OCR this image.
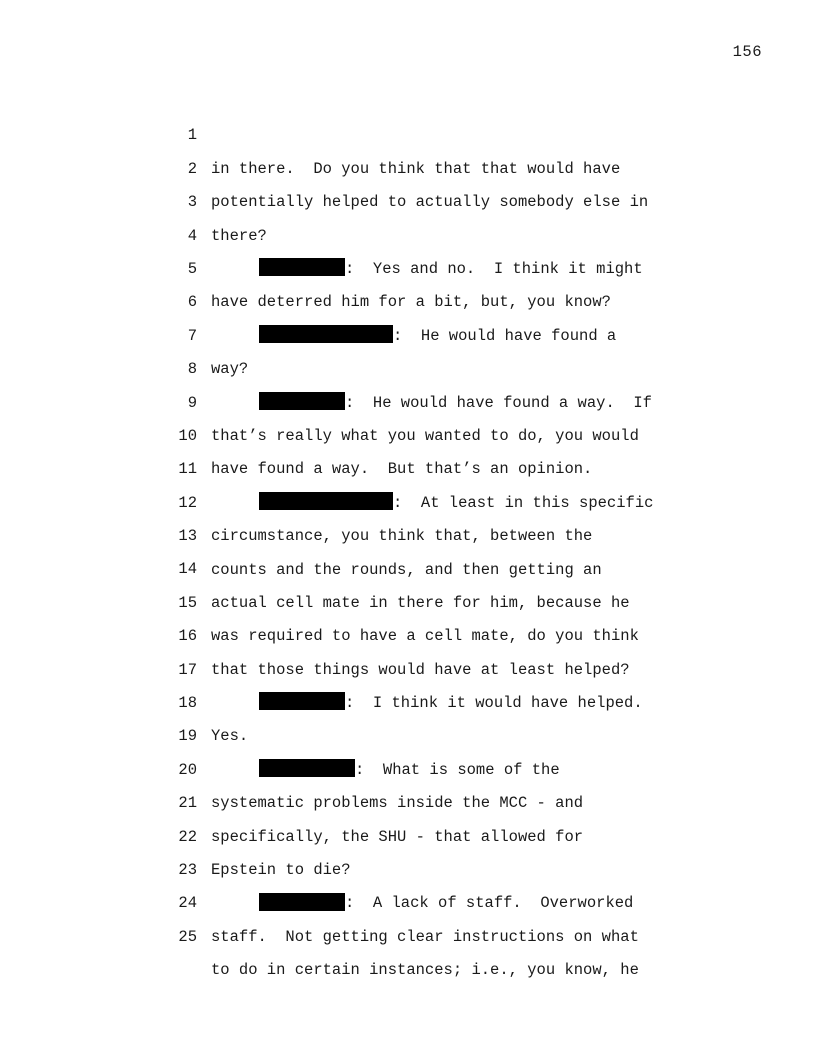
156

1

in there.  Do you think that that would have

2

potentially helped to actually somebody else in

3

there?

4

:  Yes and no.  I think it might

5

have deterred him for a bit, but, you know?

6

:  He would have found a

7

way?

8

:  He would have found a way.  If

9

that’s really what you wanted to do, you would

10

have found a way.  But that’s an opinion.

11

:  At least in this specific

12

circumstance, you think that, between the

13

counts and the rounds, and then getting an

14

actual cell mate in there for him, because he

15

was required to have a cell mate, do you think

16

that those things would have at least helped?

17

:  I think it would have helped.

18

Yes.

19

:  What is some of the

20

systematic problems inside the MCC - and

21

specifically, the SHU - that allowed for

22

Epstein to die?

23

:  A lack of staff.  Overworked

24

staff.  Not getting clear instructions on what

25

to do in certain instances; i.e., you know, he
